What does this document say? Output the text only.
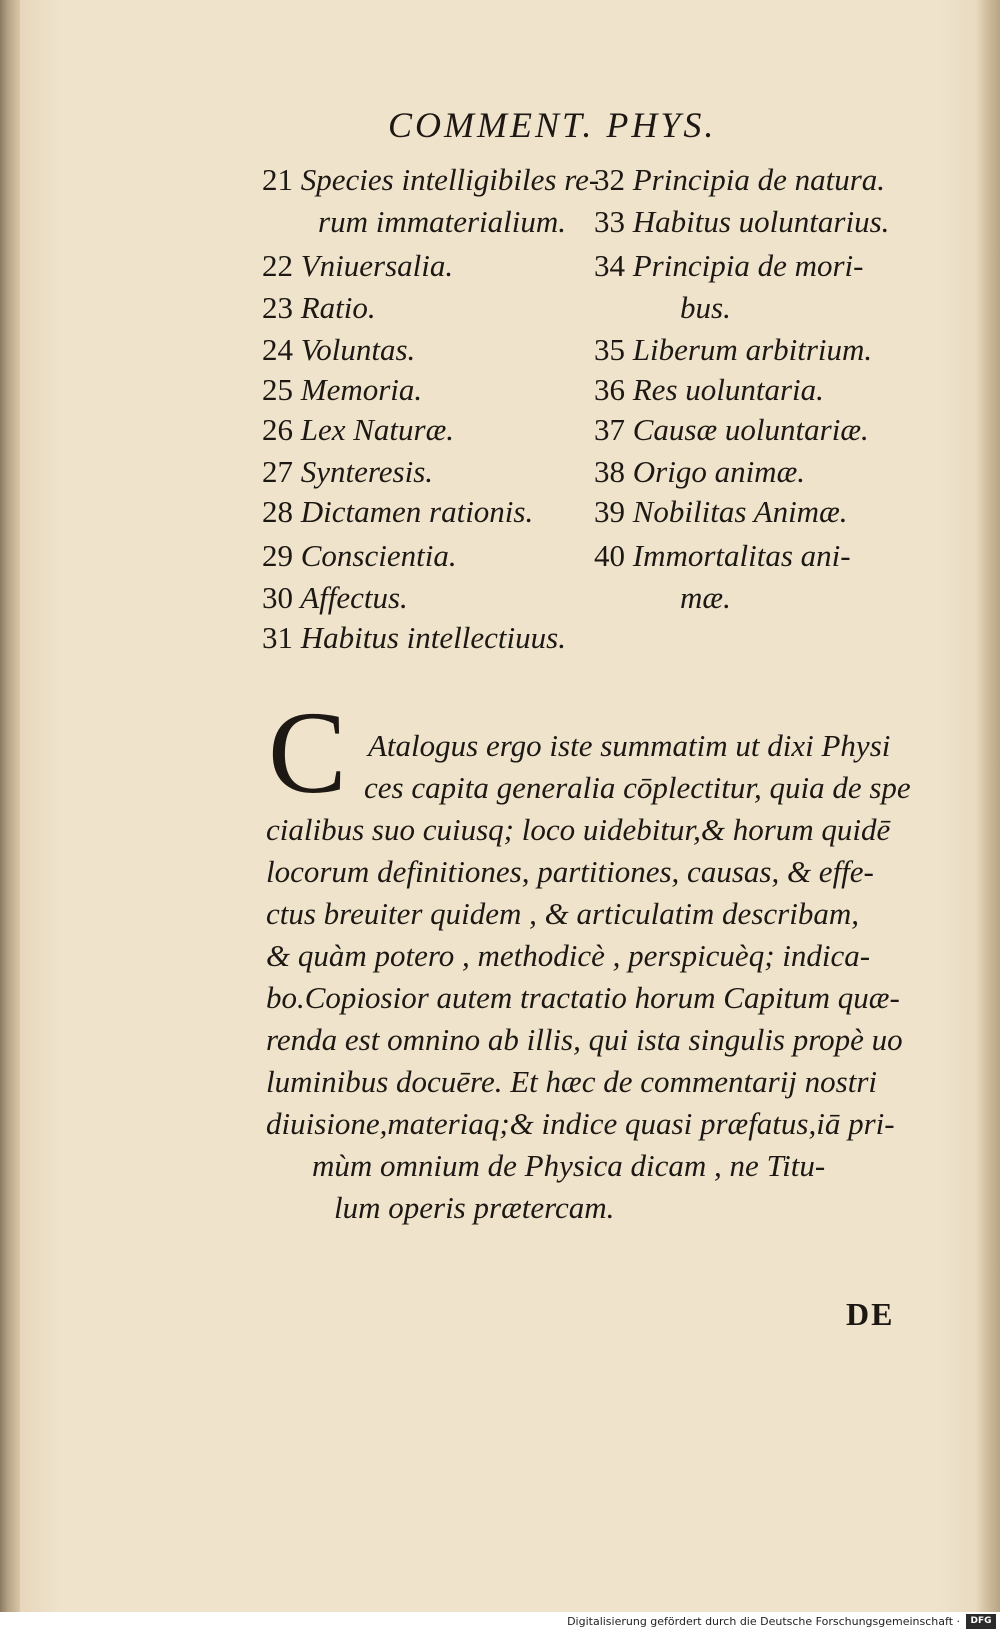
COMMENT. PHYS.
21 Species intelligibiles re-
rum immaterialium.
22 Vniuersalia.
23 Ratio.
24 Voluntas.
25 Memoria.
26 Lex Naturæ.
27 Synteresis.
28 Dictamen rationis.
29 Conscientia.
30 Affectus.
31 Habitus intellectiuus.
32 Principia de natura.
33 Habitus uoluntarius.
34 Principia de mori-
bus.
35 Liberum arbitrium.
36 Res uoluntaria.
37 Causæ uoluntariæ.
38 Origo animæ.
39 Nobilitas Animæ.
40 Immortalitas ani-
mæ.
C Atalogus ergo iste summatim ut dixi Physi
ces capita generalia cōplectitur, quia de spe
cialibus suo cuiusq; loco uidebitur,& horum quidē
locorum definitiones, partitiones, causas, & effe-
ctus breuiter quidem , & articulatim describam,
& quàm potero , methodicè , perspicuèq; indica-
bo.Copiosior autem tractatio horum Capitum quæ-
renda est omnino ab illis, qui ista singulis propè uo
luminibus docuēre. Et hæc de commentarij nostri
diuisione,materiaq;& indice quasi præfatus,iā pri-
mùm omnium de Physica dicam , ne Titu-
lum operis prætercam.
DE
Digitalisierung gefördert durch die Deutsche Forschungsgemeinschaft ·	DFG
